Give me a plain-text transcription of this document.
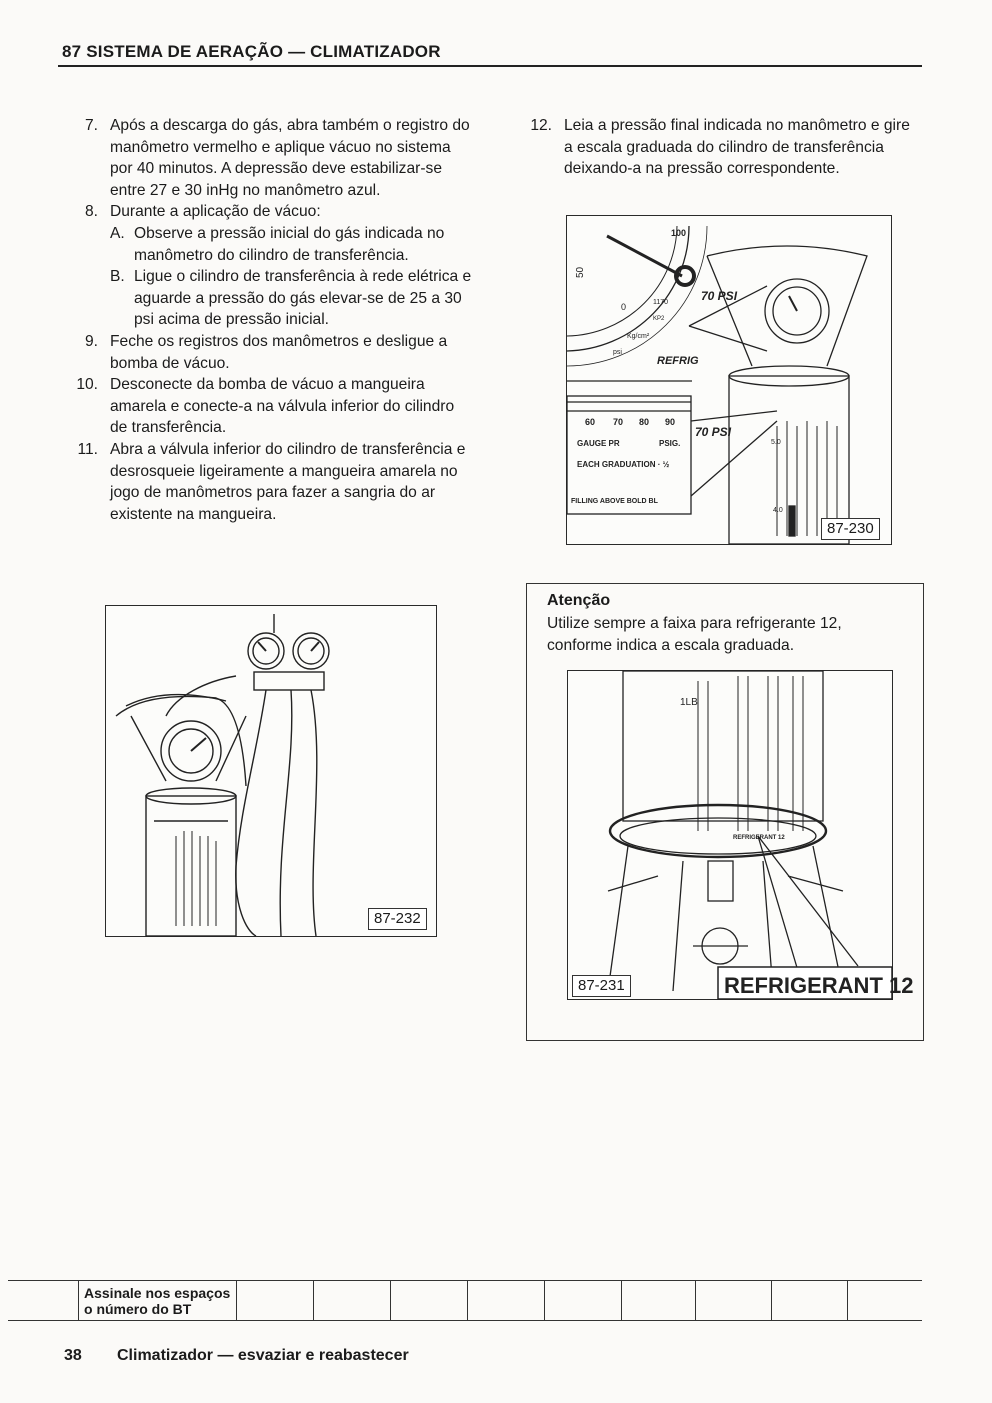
87 SISTEMA DE AERAÇÃO — CLIMATIZADOR
7. Após a descarga do gás, abra também o registro do manômetro vermelho e aplique vácuo no sistema por 40 minutos. A depressão deve estabilizar-se entre 27 e 30 inHg no manômetro azul.
8. Durante a aplicação de vácuo:
A. Observe a pressão inicial do gás indicada no manômetro do cilindro de transferência.
B. Ligue o cilindro de transferência à rede elétrica e aguarde a pressão do gás elevar-se de 25 a 30 psi acima de pressão inicial.
9. Feche os registros dos manômetros e desligue a bomba de vácuo.
10. Desconecte da bomba de vácuo a mangueira amarela e conecte-a na válvula inferior do cilindro de transferência.
11. Abra a válvula inferior do cilindro de transferência e desrosqueie ligeiramente a mangueira amarela no jogo de manômetros para fazer a sangria do ar existente na mangueira.
12. Leia a pressão final indicada no manômetro e gire a escala graduada do cilindro de transferência deixando-a na pressão correspondente.
87-232
100
50
0	1170
KP2
Kg/cm²
psi
REFRIG
70 PSI
70 PSI
60 70 80 90
GAUGE PR	PSIG.
EACH GRADUATION · ½
FILLING ABOVE BOLD BL
5.0
4.0
87-230
Atenção
Utilize sempre a faixa para refrigerante 12, conforme indica a escala graduada.
1LB
REFRIGERANT 12
REFRIGERANT 12
87-231
Assinale nos espaços
o número do BT
38 Climatizador — esvaziar e reabastecer
